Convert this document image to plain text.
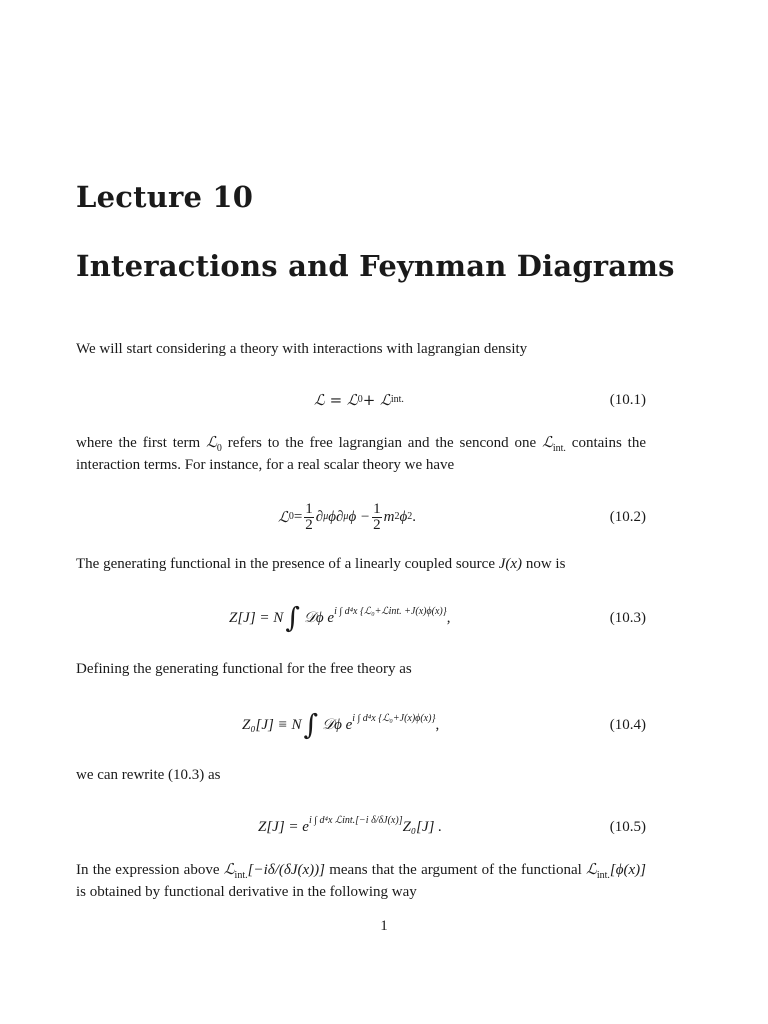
Lecture 10
Interactions and Feynman Diagrams
We will start considering a theory with interactions with lagrangian density
ℒ = ℒ 0 + ℒ int.	(10.1)
where the first term ℒ$_0$ refers to the free lagrangian and the sencond one ℒ$_{int.}$ contains the interaction terms. For instance, for a real scalar theory we have
ℒ $0 = \frac{1}{2}$ ∂ μ ϕ∂ μ $\phi - \frac{1}{2}$ m 2 ϕ 2 .	(10.2)
The generating functional in the presence of a linearly coupled source J(x) now is
Z[J] = N ∫ 𝒟ϕ e i ∫ d⁴x {ℒ₀+ℒint. +J(x)ϕ(x)} ,	(10.3)
Defining the generating functional for the free theory as
Z₀[J] ≡ N ∫ 𝒟ϕ e i ∫ d⁴x {ℒ₀+J(x)ϕ(x)} ,	(10.4)
we can rewrite (10.3) as
Z[J] = e i ∫ d⁴x ℒint.[−i δ/δJ(x)] Z₀[J] .	(10.5)
In the expression above ℒ$_{int.}$[−iδ/(δJ(x))] means that the argument of the functional ℒ$_{int.}$[ϕ(x)] is obtained by functional derivative in the following way
1
